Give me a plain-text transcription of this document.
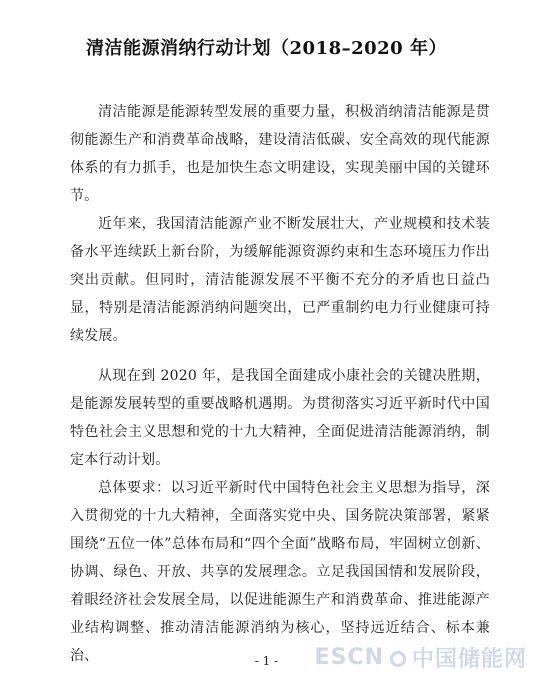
清洁能源消纳行动计划（2018–2020 年）
清洁能源是能源转型发展的重要力量，积极消纳清洁能源是贯彻能源生产和消费革命战略，建设清洁低碳、安全高效的现代能源体系的有力抓手，也是加快生态文明建设，实现美丽中国的关键环节。
近年来，我国清洁能源产业不断发展壮大，产业规模和技术装备水平连续跃上新台阶，为缓解能源资源约束和生态环境压力作出突出贡献。但同时，清洁能源发展不平衡不充分的矛盾也日益凸显，特别是清洁能源消纳问题突出，已严重制约电力行业健康可持续发展。
从现在到 2020 年，是我国全面建成小康社会的关键决胜期，是能源发展转型的重要战略机遇期。为贯彻落实习近平新时代中国特色社会主义思想和党的十九大精神，全面促进清洁能源消纳，制定本行动计划。
总体要求：以习近平新时代中国特色社会主义思想为指导，深入贯彻党的十九大精神，全面落实党中央、国务院决策部署，紧紧围绕“五位一体”总体布局和“四个全面”战略布局，牢固树立创新、协调、绿色、开放、共享的发展理念。立足我国国情和发展阶段，着眼经济社会发展全局，以促进能源生产和消费革命、推进能源产业结构调整、推动清洁能源消纳为核心，坚持远近结合、标本兼治、	- 1 -	ESCN 中国储能网
